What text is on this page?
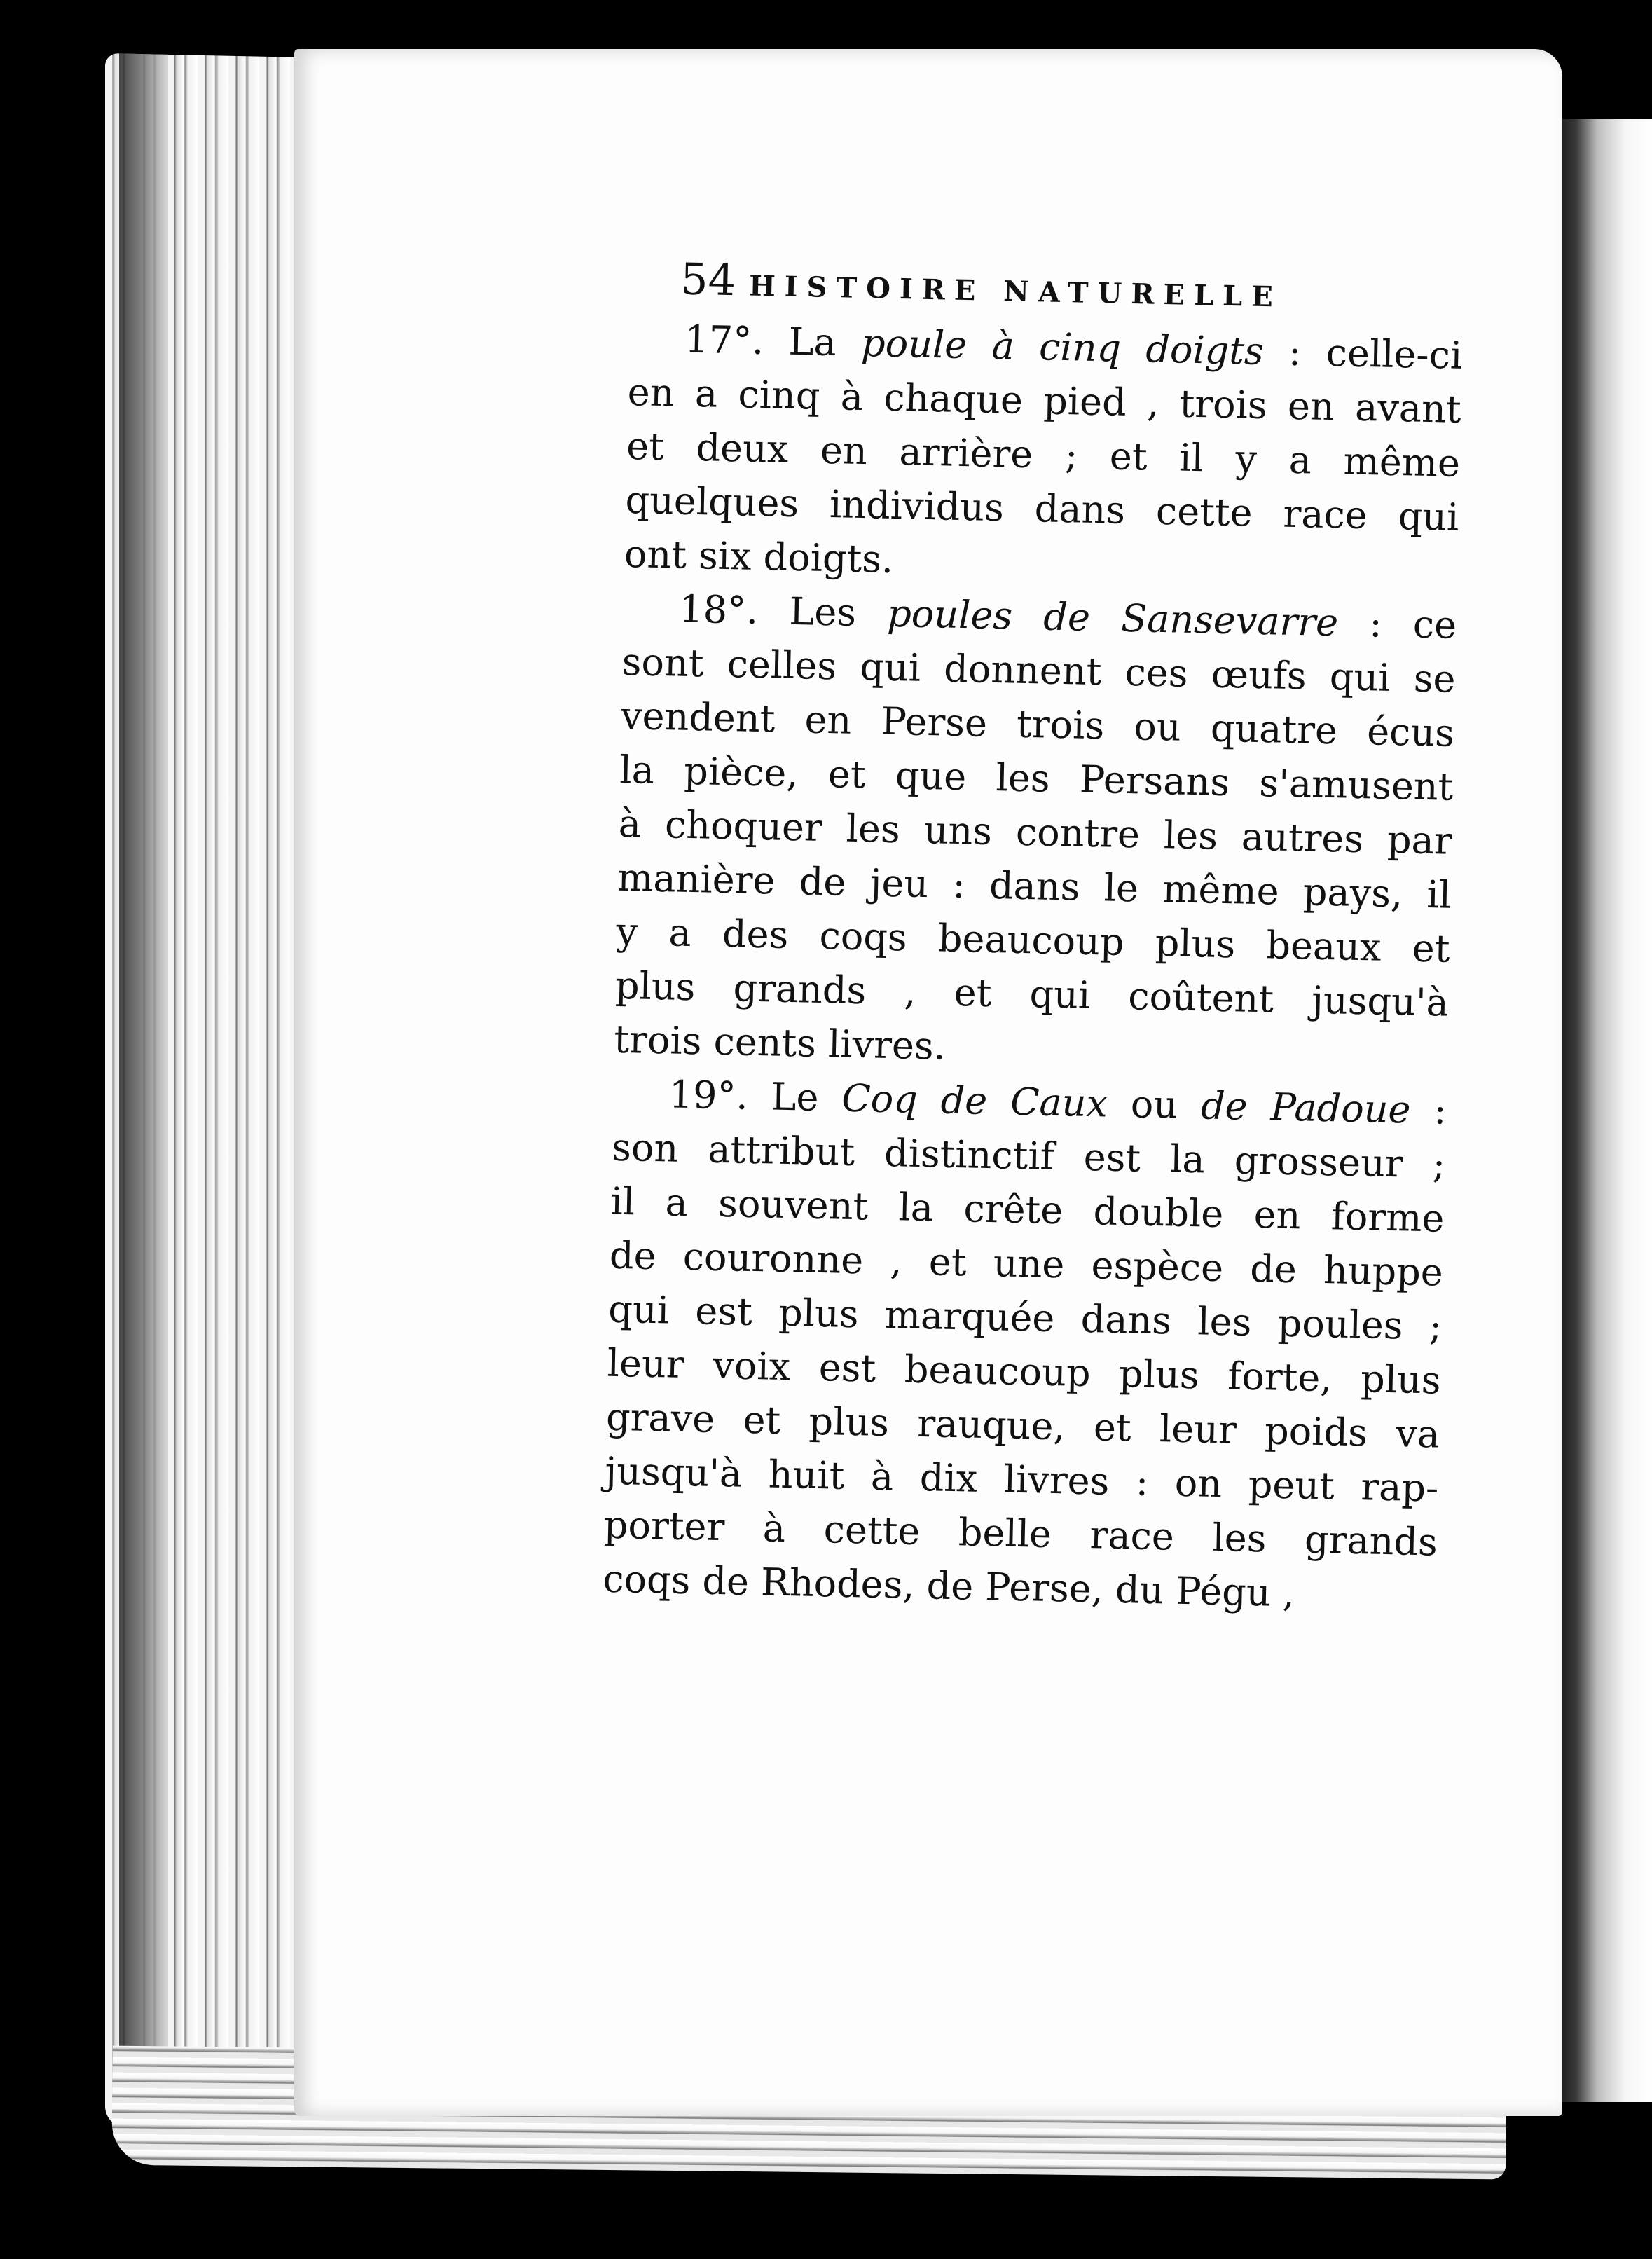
54 HISTOIRE NATURELLE
17°. La poule à cinq doigts : celle-ci
en a cinq à chaque pied , trois en avant
et deux en arrière ; et il y a même
quelques individus dans cette race qui
ont six doigts.
18°. Les poules de Sansevarre : ce
sont celles qui donnent ces œufs qui se
vendent en Perse trois ou quatre écus
la pièce, et que les Persans s'amusent
à choquer les uns contre les autres par
manière de jeu : dans le même pays, il
y a des coqs beaucoup plus beaux et
plus grands , et qui coûtent jusqu'à
trois cents livres.
19°. Le Coq de Caux ou de Padoue :
son attribut distinctif est la grosseur ;
il a souvent la crête double en forme
de couronne , et une espèce de huppe
qui est plus marquée dans les poules ;
leur voix est beaucoup plus forte, plus
grave et plus rauque, et leur poids va
jusqu'à huit à dix livres : on peut rap-
porter à cette belle race les grands
coqs de Rhodes, de Perse, du Pégu ,
